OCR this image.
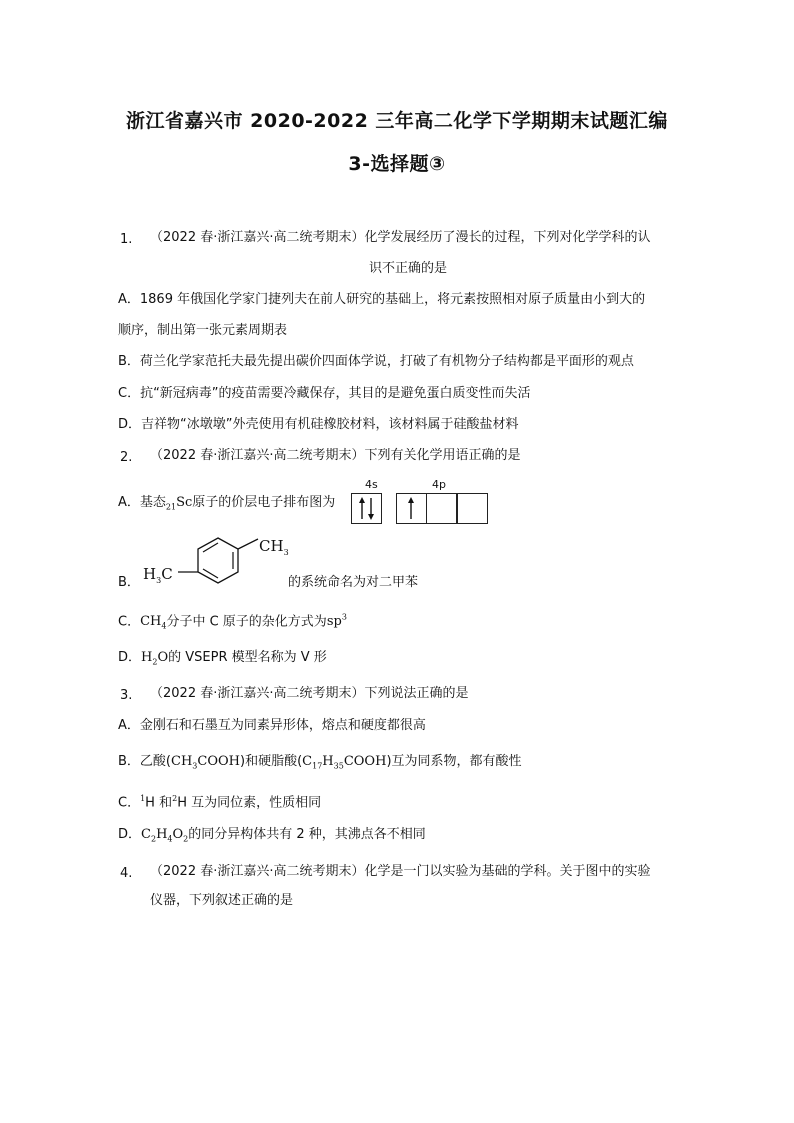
浙江省嘉兴市 2020-2022 三年高二化学下学期期末试题汇编
3-选择题③
1. （2022 春·浙江嘉兴·高二统考期末）化学发展经历了漫长的过程，下列对化学学科的认
识不正确的是
A．1869 年俄国化学家门捷列夫在前人研究的基础上，将元素按照相对原子质量由小到大的
顺序，制出第一张元素周期表
B．荷兰化学家范托夫最先提出碳价四面体学说，打破了有机物分子结构都是平面形的观点
C．抗“新冠病毒”的疫苗需要冷藏保存，其目的是避免蛋白质变性而失活
D．吉祥物“冰墩墩”外壳使用有机硅橡胶材料，该材料属于硅酸盐材料
2. （2022 春·浙江嘉兴·高二统考期末）下列有关化学用语正确的是
A．基态$_{21}$Sc原子的价层电子排布图为
4s	4p
B．
$CH_3$
$H_3C$	的系统命名为对二甲苯
C．$CH_4$分子中 C 原子的杂化方式为$sp^3$
D．$H_2O$的 VSEPR 模型名称为 V 形
3. （2022 春·浙江嘉兴·高二统考期末）下列说法正确的是
A．金刚石和石墨互为同素异形体，熔点和硬度都很高
B．乙酸$(CH_3COOH)$和硬脂酸$(C_{17}H_{35}COOH)$互为同系物，都有酸性
C．$^1$H 和$^2$H 互为同位素，性质相同
D．$C_2H_4O_2$的同分异构体共有 2 种，其沸点各不相同
4. （2022 春·浙江嘉兴·高二统考期末）化学是一门以实验为基础的学科。关于图中的实验
仪器，下列叙述正确的是
